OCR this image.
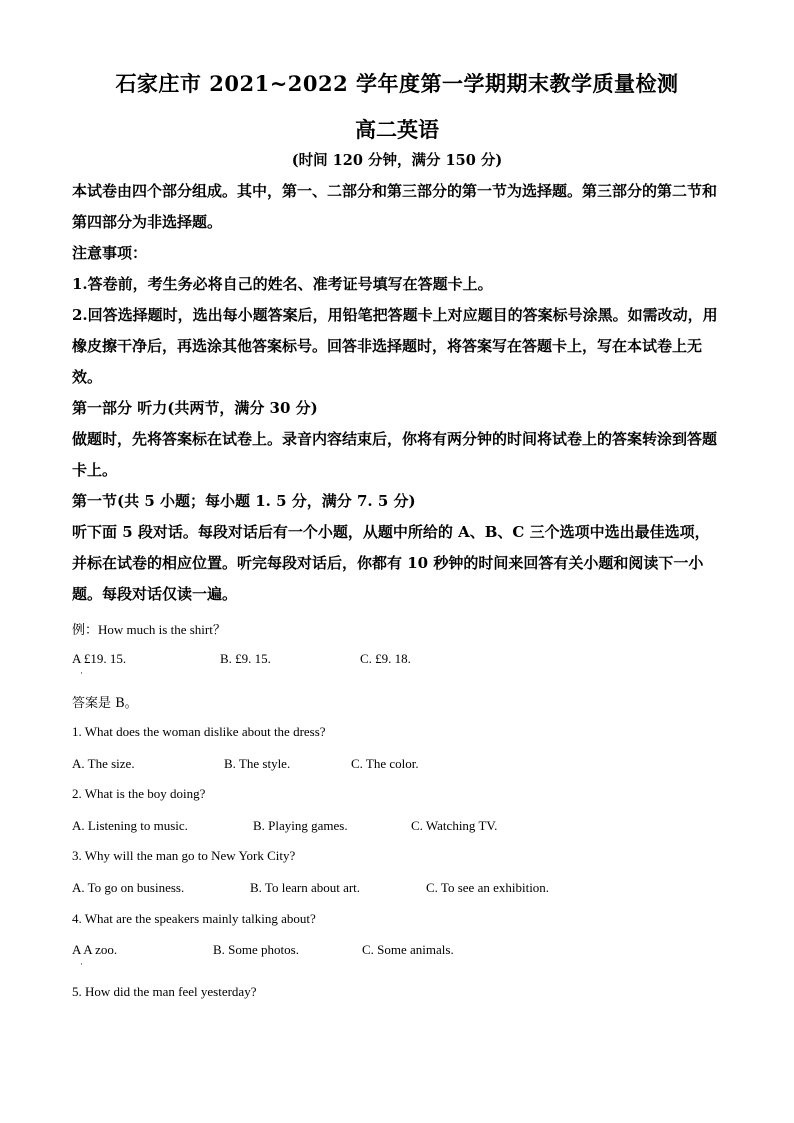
石家庄市 2021~2022 学年度第一学期期末教学质量检测
高二英语
(时间 120 分钟，满分 150 分)
本试卷由四个部分组成。其中，第一、二部分和第三部分的第一节为选择题。第三部分的第二节和第四部分为非选择题。
注意事项：
1.答卷前，考生务必将自己的姓名、准考证号填写在答题卡上。
2.回答选择题时，选出每小题答案后，用铅笔把答题卡上对应题目的答案标号涂黑。如需改动，用橡皮擦干净后，再选涂其他答案标号。回答非选择题时，将答案写在答题卡上，写在本试卷上无效。
第一部分 听力(共两节，满分 30 分)
做题时，先将答案标在试卷上。录音内容结束后，你将有两分钟的时间将试卷上的答案转涂到答题卡上。
第一节(共 5 小题；每小题 1. 5 分，满分 7. 5 分)
听下面 5 段对话。每段对话后有一个小题，从题中所给的 A、B、C 三个选项中选出最佳选项，并标在试卷的相应位置。听完每段对话后，你都有 10 秒钟的时间来回答有关小题和阅读下一小题。每段对话仅读一遍。
例：How much is the shirt？
A £19. 15.	B. £9. 15.	C. £9. 18.
·
答案是 B。
1. What does the woman dislike about the dress?
A. The size.	B. The style.	C. The color.
2. What is the boy doing?
A. Listening to music.	B. Playing games.	C. Watching TV.
3. Why will the man go to New York City?
A. To go on business.	B. To learn about art.	C. To see an exhibition.
4. What are the speakers mainly talking about?
A A zoo.	B. Some photos.	C. Some animals.
·
5. How did the man feel yesterday?
